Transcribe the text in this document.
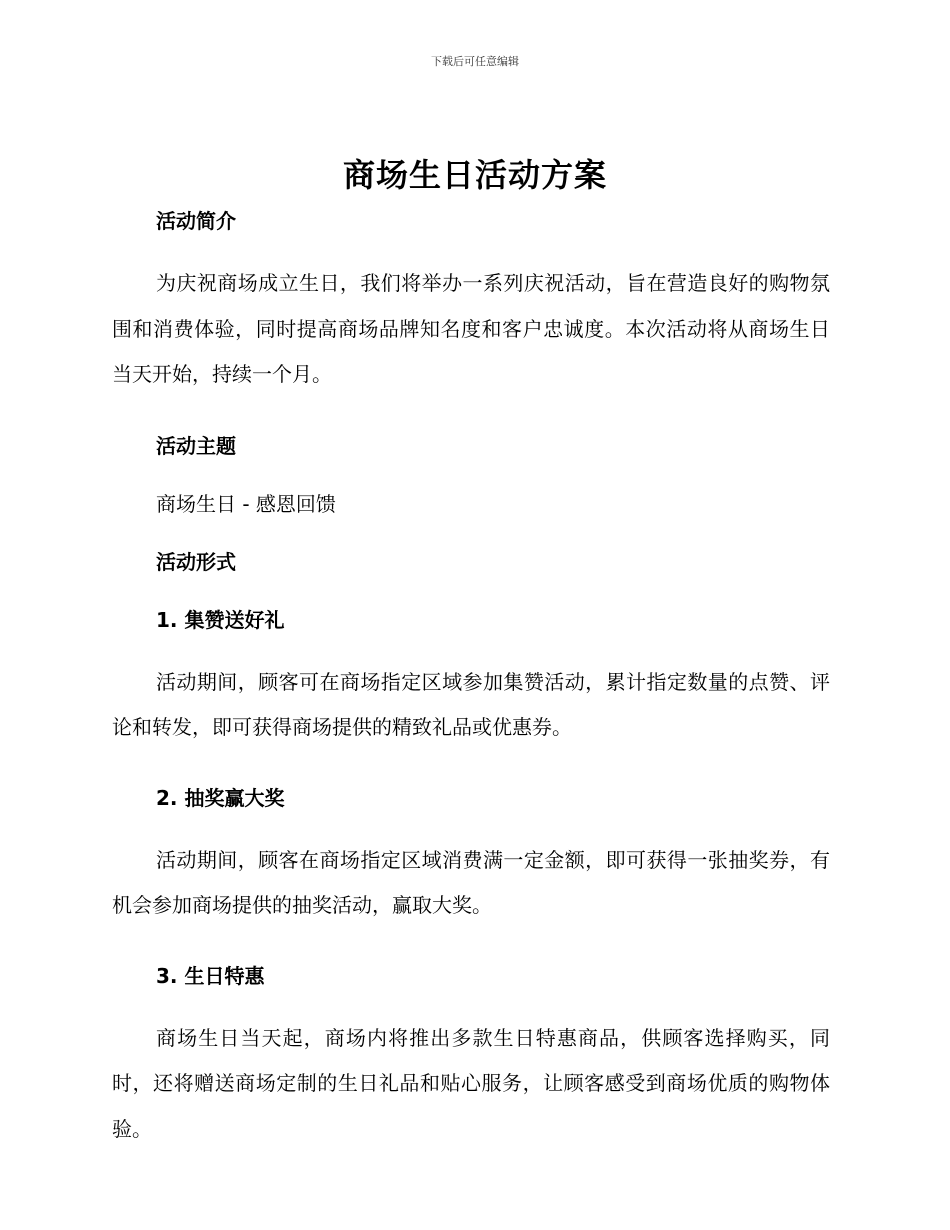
下载后可任意编辑
商场生日活动方案
活动简介

为庆祝商场成立生日，我们将举办一系列庆祝活动，旨在营造良好的购物氛围和消费体验，同时提高商场品牌知名度和客户忠诚度。本次活动将从商场生日当天开始，持续一个月。

活动主题

商场生日 - 感恩回馈

活动形式
1. 集赞送好礼

活动期间，顾客可在商场指定区域参加集赞活动，累计指定数量的点赞、评论和转发，即可获得商场提供的精致礼品或优惠券。

2. 抽奖赢大奖

活动期间，顾客在商场指定区域消费满一定金额，即可获得一张抽奖券，有机会参加商场提供的抽奖活动，赢取大奖。

3. 生日特惠

商场生日当天起，商场内将推出多款生日特惠商品，供顾客选择购买，同时，还将赠送商场定制的生日礼品和贴心服务，让顾客感受到商场优质的购物体验。
